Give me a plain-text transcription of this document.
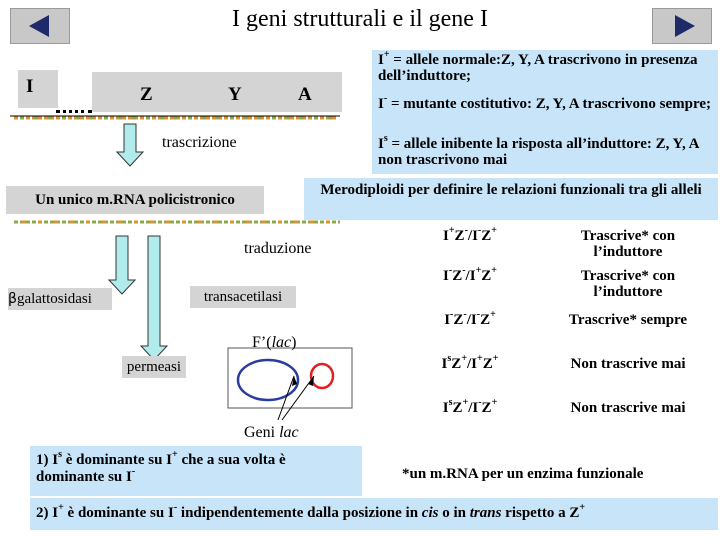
I geni strutturali e il gene I
I	Z	Y	A
trascrizione
Un unico m.RNA policistronico
traduzione
βgalattosidasi	transacetilasi
F’(lac)
permeasi
Geni lac
I+ = allele normale:Z, Y, A trascrivono in presenza dell’induttore;
I- = mutante costitutivo: Z, Y, A trascrivono sempre;
$I^s$ = allele inibente la risposta all’induttore: Z, Y, A non trascrivono mai
Merodiploidi per definire le relazioni funzionali tra gli alleli
I+Z-/I-Z+	Trascrive* con l’induttore
I-Z-/I+Z+	Trascrive* con l’induttore
I-Z-/I-Z+	Trascrive* sempre
$I^sZ^+/I^+Z^+$	Non trascrive mai
$I^sZ^+/I^-Z^+$	Non trascrive mai
*un m.RNA per un enzima funzionale
1) $I^s$ è dominante su I+ che a sua volta è dominante su I-
2) I+ è dominante su I- indipendentemente dalla posizione in cis o in trans rispetto a Z+
